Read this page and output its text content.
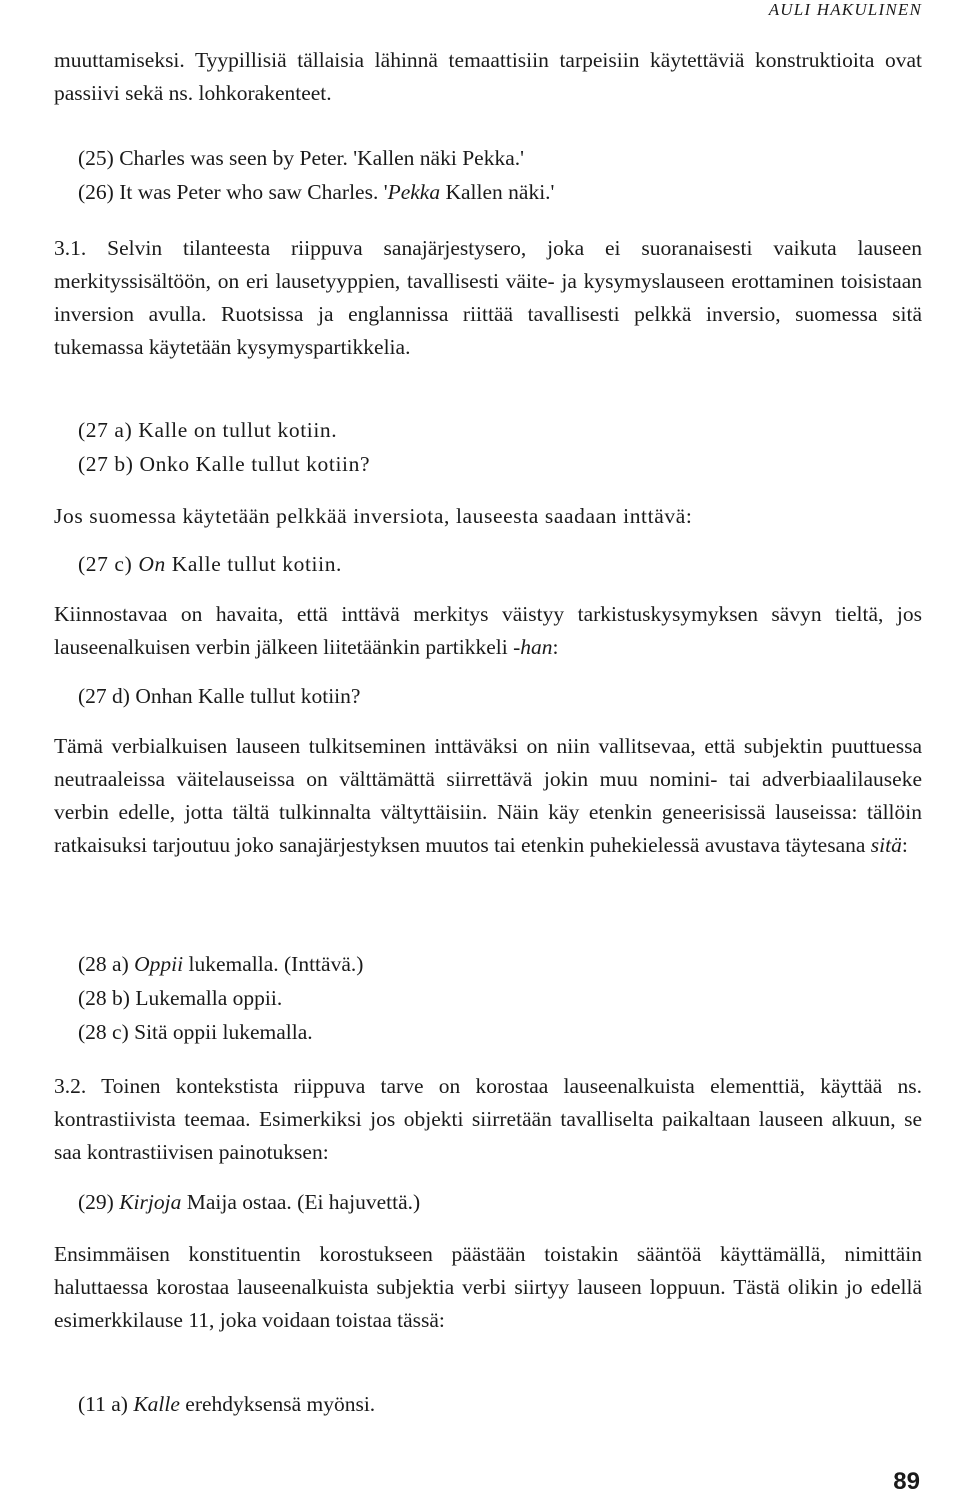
AULI HAKULINEN
muuttamiseksi. Tyypillisiä tällaisia lähinnä temaattisiin tarpeisiin käytettäviä konstruktioita ovat passiivi sekä ns. lohkorakenteet.
(25) Charles was seen by Peter. 'Kallen näki Pekka.'
(26) It was Peter who saw Charles. 'Pekka Kallen näki.'
3.1. Selvin tilanteesta riippuva sanajärjestysero, joka ei suoranaisesti vaikuta lauseen merkityssisältöön, on eri lausetyyppien, tavallisesti väite- ja kysymyslauseen erottaminen toisistaan inversion avulla. Ruotsissa ja englannissa riittää tavallisesti pelkkä inversio, suomessa sitä tukemassa käytetään kysymyspartikkelia.
(27 a) Kalle on tullut kotiin.
(27 b) Onko Kalle tullut kotiin?
Jos suomessa käytetään pelkkää inversiota, lauseesta saadaan inttävä:
(27 c) On Kalle tullut kotiin.
Kiinnostavaa on havaita, että inttävä merkitys väistyy tarkistuskysymyksen sävyn tieltä, jos lauseenalkuisen verbin jälkeen liitetäänkin partikkeli -han:
(27 d) Onhan Kalle tullut kotiin?
Tämä verbialkuisen lauseen tulkitseminen inttäväksi on niin vallitsevaa, että subjektin puuttuessa neutraaleissa väitelauseissa on välttämättä siirrettävä jokin muu nomini- tai adverbiaalilauseke verbin edelle, jotta tältä tulkinnalta vältyttäisiin. Näin käy etenkin geneerisissä lauseissa: tällöin ratkaisuksi tarjoutuu joko sanajärjestyksen muutos tai etenkin puhekielessä avustava täytesana sitä:
(28 a) Oppii lukemalla. (Inttävä.)
(28 b) Lukemalla oppii.
(28 c) Sitä oppii lukemalla.
3.2. Toinen kontekstista riippuva tarve on korostaa lauseenalkuista elementtiä, käyttää ns. kontrastiivista teemaa. Esimerkiksi jos objekti siirretään tavalliselta paikaltaan lauseen alkuun, se saa kontrastiivisen painotuksen:
(29) Kirjoja Maija ostaa. (Ei hajuvettä.)
Ensimmäisen konstituentin korostukseen päästään toistakin sääntöä käyttämällä, nimittäin haluttaessa korostaa lauseenalkuista subjektia verbi siirtyy lauseen loppuun. Tästä olikin jo edellä esimerkkilause 11, joka voidaan toistaa tässä:
(11 a) Kalle erehdyksensä myönsi.
89
